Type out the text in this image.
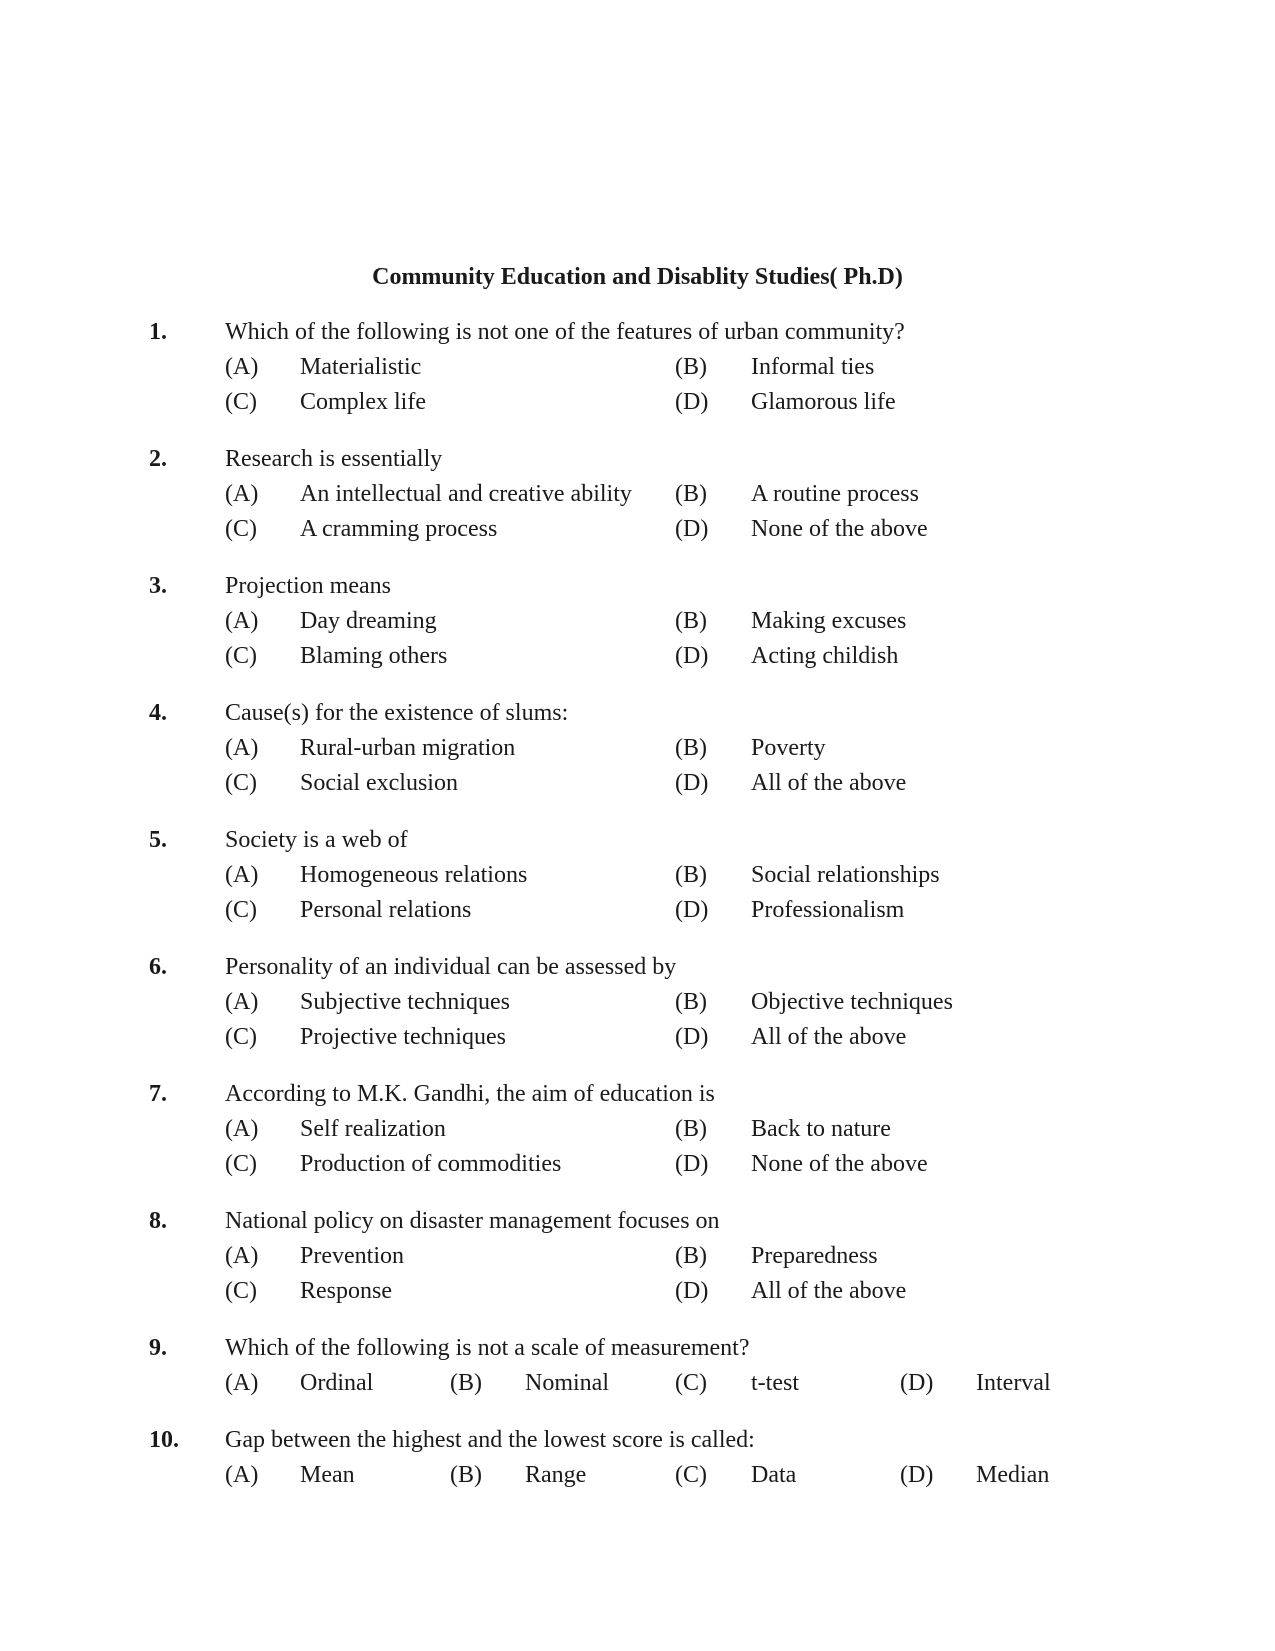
Community Education and Disablity Studies( Ph.D)
1. Which of the following is not one of the features of urban community?
(A) Materialistic	(B) Informal ties
(C) Complex life	(D) Glamorous life
2. Research is essentially
(A) An intellectual and creative ability (B) A routine process
(C) A cramming process	(D) None of the above
3. Projection means
(A) Day dreaming	(B) Making excuses
(C) Blaming others	(D) Acting childish
4. Cause(s) for the existence of slums:
(A) Rural-urban migration	(B) Poverty
(C) Social exclusion	(D) All of the above
5. Society is a web of
(A) Homogeneous relations	(B) Social relationships
(C) Personal relations	(D) Professionalism
6. Personality of an individual can be assessed by
(A) Subjective techniques	(B) Objective techniques
(C) Projective techniques	(D) All of the above
7. According to M.K. Gandhi, the aim of education is
(A) Self realization	(B) Back to nature
(C) Production of commodities	(D) None of the above
8. National policy on disaster management focuses on
(A) Prevention	(B) Preparedness
(C) Response	(D) All of the above
9. Which of the following is not a scale of measurement?
(A) Ordinal	(B) Nominal	(C) t-test	(D) Interval
10. Gap between the highest and the lowest score is called:
(A) Mean	(B) Range	(C) Data	(D) Median
